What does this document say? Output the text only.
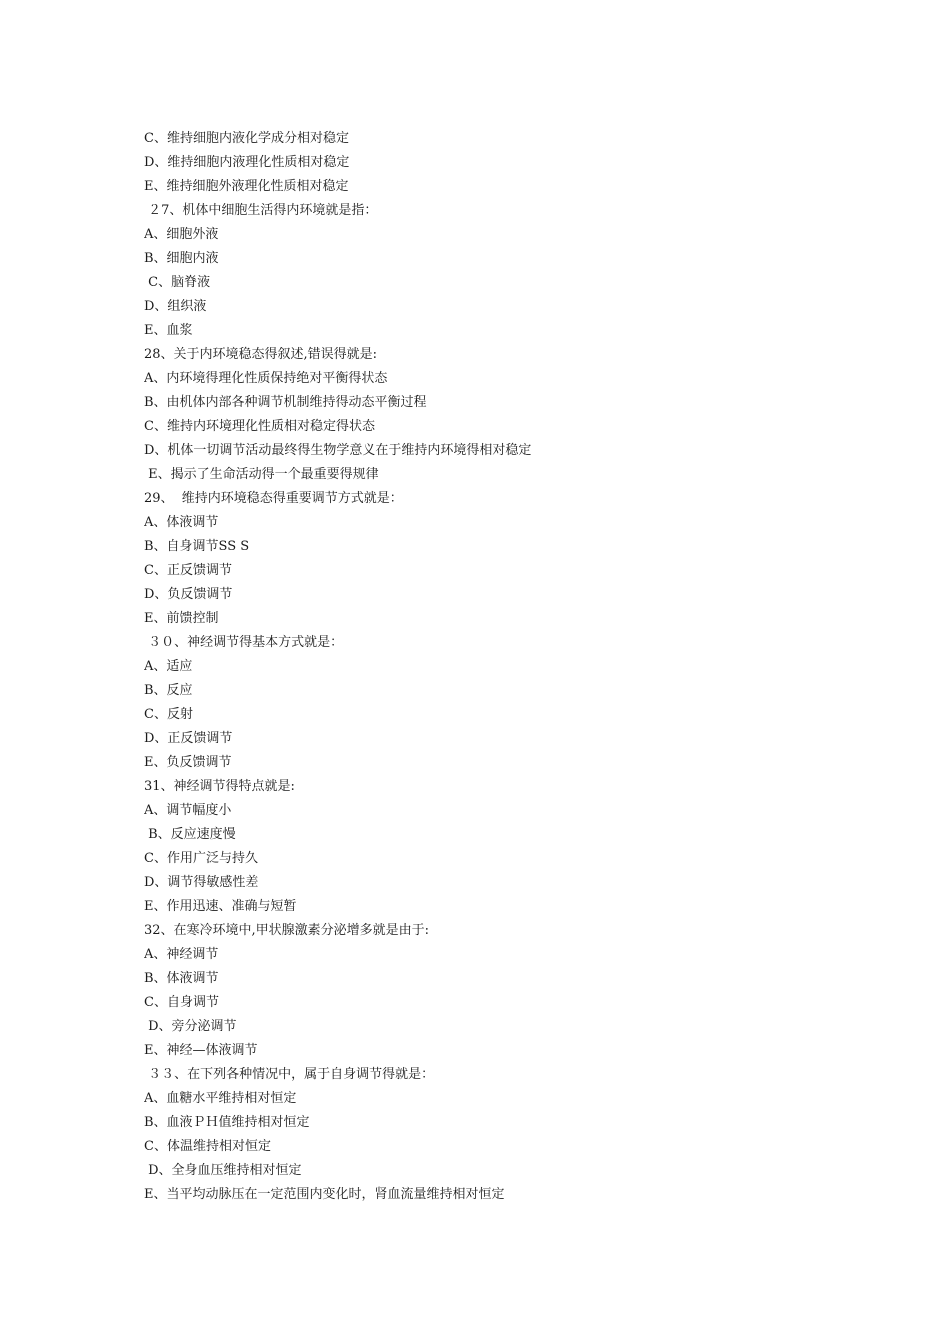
C、维持细胞内液化学成分相对稳定
D、维持细胞内液理化性质相对稳定
E、维持细胞外液理化性质相对稳定
２7、机体中细胞生活得内环境就是指：
A、细胞外液
B、细胞内液
C、脑脊液
D、组织液
E、血浆
28、关于内环境稳态得叙述,错误得就是:
A、内环境得理化性质保持绝对平衡得状态
B、由机体内部各种调节机制维持得动态平衡过程
C、维持内环境理化性质相对稳定得状态
D、机体一切调节活动最终得生物学意义在于维持内环境得相对稳定
E、揭示了生命活动得一个最重要得规律
29、  维持内环境稳态得重要调节方式就是：
A、体液调节
B、自身调节SS S
C、正反馈调节
D、负反馈调节
E、前馈控制
３０、神经调节得基本方式就是：
A、适应
B、反应
C、反射
D、正反馈调节
E、负反馈调节
31、神经调节得特点就是:
A、调节幅度小
B、反应速度慢
C、作用广泛与持久
D、调节得敏感性差
E、作用迅速、准确与短暂
32、在寒冷环境中,甲状腺激素分泌增多就是由于:
A、神经调节
B、体液调节
C、自身调节
D、旁分泌调节
E、神经—体液调节
３３、在下列各种情况中，属于自身调节得就是：
A、血糖水平维持相对恒定
B、血液ＰＨ值维持相对恒定
C、体温维持相对恒定
D、全身血压维持相对恒定
E、当平均动脉压在一定范围内变化时，肾血流量维持相对恒定
